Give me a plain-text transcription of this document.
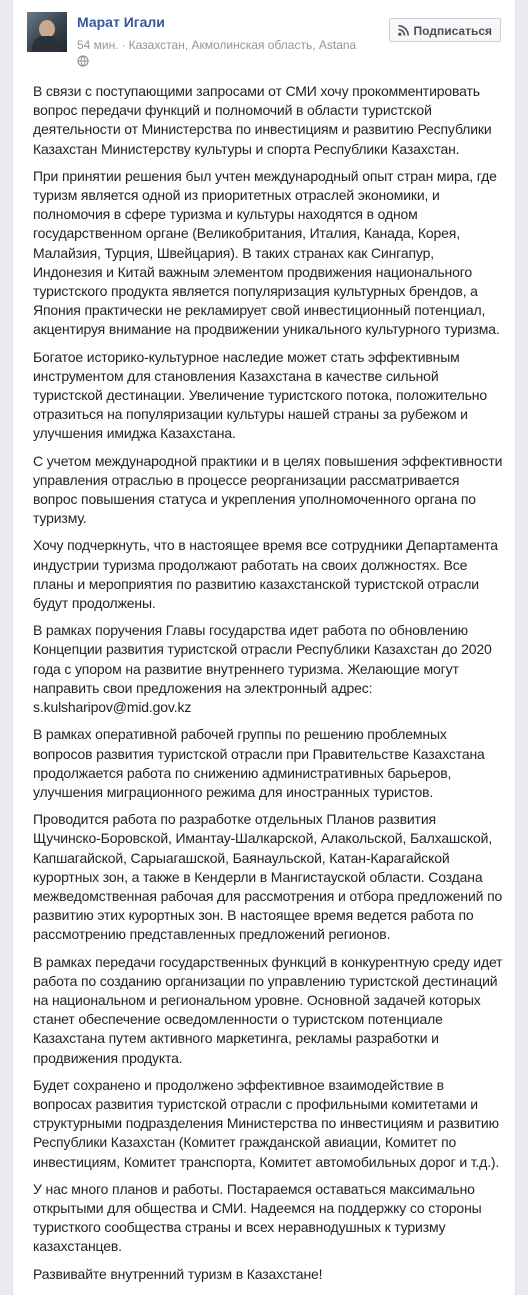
Марат Игали
54 мин. · Казахстан, Акмолинская область, Astana
Подписаться

В связи с поступающими запросами от СМИ хочу прокомментировать вопрос передачи функций и полномочий в области туристской деятельности от Министерства по инвестициям и развитию Республики Казахстан Министерству культуры и спорта Республики Казахстан.

При принятии решения был учтен международный опыт стран мира, где туризм является одной из приоритетных отраслей экономики, и полномочия в сфере туризма и культуры находятся в одном государственном органе (Великобритания, Италия, Канада, Корея, Малайзия, Турция, Швейцария). В таких странах как Сингапур, Индонезия и Китай важным элементом продвижения национального туристского продукта является популяризация культурных брендов, а Япония практически не рекламирует свой инвестиционный потенциал, акцентируя внимание на продвижении уникального культурного туризма.

Богатое историко-культурное наследие может стать эффективным инструментом для становления Казахстана в качестве сильной туристской дестинации. Увеличение туристского потока, положительно отразиться на популяризации культуры нашей страны за рубежом и улучшения имиджа Казахстана.

С учетом международной практики и в целях повышения эффективности управления отраслью в процессе реорганизации рассматривается вопрос повышения статуса и укрепления уполномоченного органа по туризму.

Хочу подчеркнуть, что в настоящее время все сотрудники Департамента индустрии туризма продолжают работать на своих должностях. Все планы и мероприятия по развитию казахстанской туристской отрасли будут продолжены.

В рамках поручения Главы государства идет работа по обновлению Концепции развития туристской отрасли Республики Казахстан до 2020 года с упором на развитие внутреннего туризма. Желающие могут направить свои предложения на электронный адрес: s.kulsharipov@mid.gov.kz

В рамках оперативной рабочей группы по решению проблемных вопросов развития туристской отрасли при Правительстве Казахстана продолжается работа по снижению административных барьеров, улучшения миграционного режима для иностранных туристов.

Проводится работа по разработке отдельных Планов развития Щучинско-Боровской, Имантау-Шалкарской, Алакольской, Балхашской, Капшагайской, Сарыагашской, Баянаульской, Катан-Карагайской курортных зон, а также в Кендерли в Мангистауской области. Создана межведомственная рабочая для рассмотрения и отбора предложений по развитию этих курортных зон. В настоящее время ведется работа по рассмотрению представленных предложений регионов.

В рамках передачи государственных функций в конкурентную среду идет работа по созданию организации по управлению туристской дестинаций на национальном и региональном уровне. Основной задачей которых станет обеспечение осведомленности о туристском потенциале Казахстана путем активного маркетинга, рекламы разработки и продвижения продукта.

Будет сохранено и продолжено эффективное взаимодействие в вопросах развития туристской отрасли с профильными комитетами и структурными подразделения Министерства по инвестициям и развитию Республики Казахстан (Комитет гражданской авиации, Комитет по инвестициям, Комитет транспорта, Комитет автомобильных дорог и т.д.).

У нас много планов и работы. Постараемся оставаться максимально открытыми для общества и СМИ. Надеемся на поддержку со стороны туристкого сообщества страны и всех неравнодушных к туризму казахстанцев.

Развивайте внутренний туризм в Казахстане!
